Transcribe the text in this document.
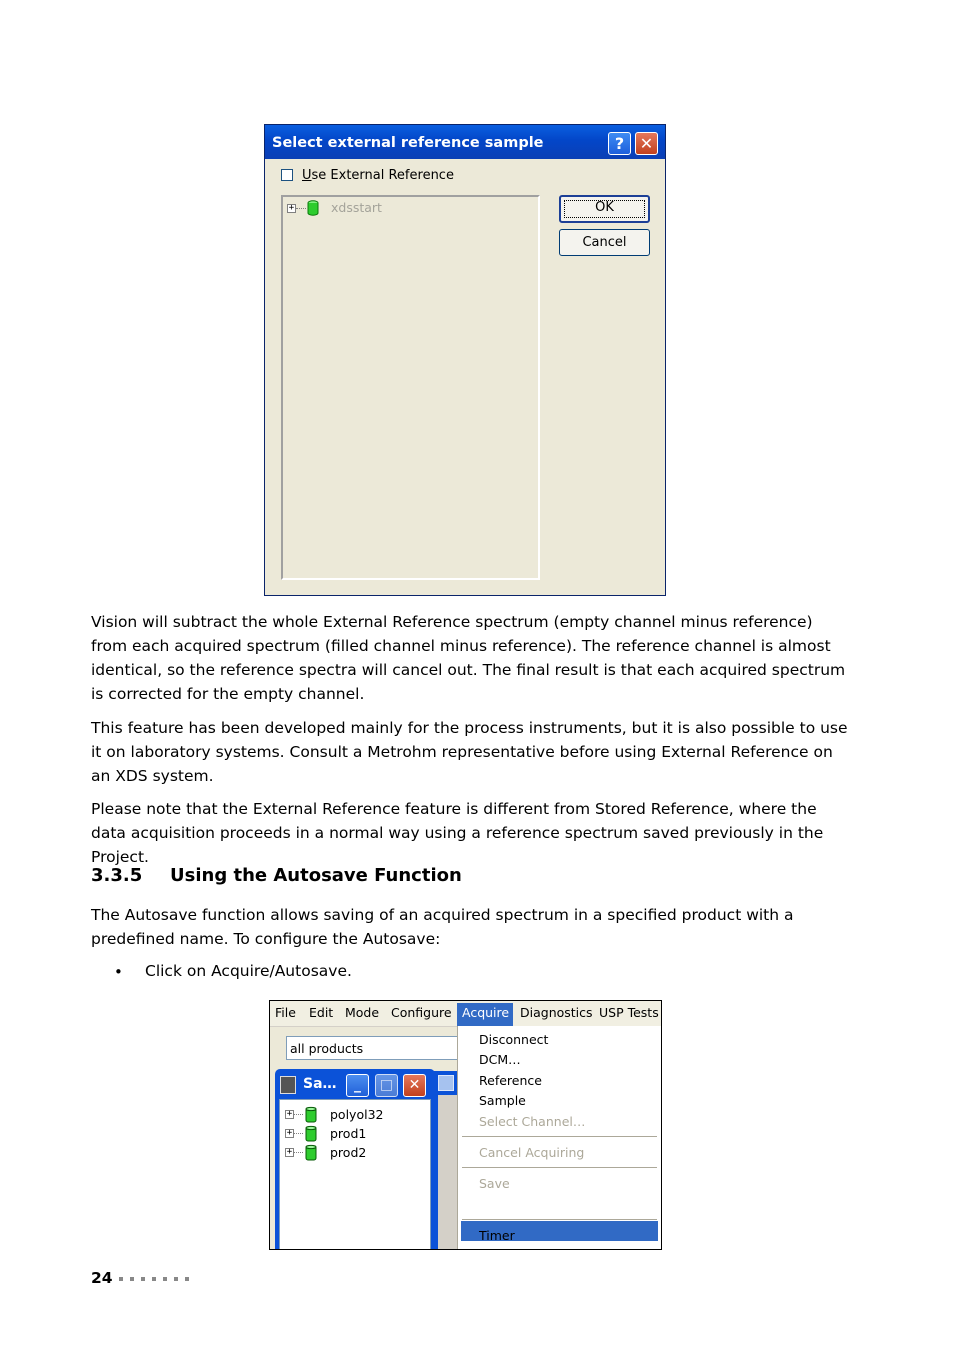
Select external reference sample	? ✕
Use External Reference
+	xdsstart	OK
Cancel

Vision will subtract the whole External Reference spectrum (empty channel minus reference) from each acquired spectrum (filled channel minus reference). The reference channel is almost identical, so the reference spectra will cancel out. The final result is that each acquired spectrum is corrected for the empty channel.

This feature has been developed mainly for the process instruments, but it is also possible to use it on laboratory systems. Consult a Metrohm representative before using External Reference on an XDS system.

Please note that the External Reference feature is different from Stored Reference, where the data acquisition proceeds in a normal way using a reference spectrum saved previously in the Project.

3.3.5 Using the Autosave Function

The Autosave function allows saving of an acquired spectrum in a specified product with a predefined name. To configure the Autosave:

• Click on Acquire/Autosave.
File Edit Mode Configure Acquire Diagnostics USP Tests
all products
Sa…	_	□	✕
+	polyol32
+	prod1
+	prod2
Disconnect
DCM…
Reference
Sample
Select Channel…
Cancel Acquiring
Save
AutoSave
Timer
24
